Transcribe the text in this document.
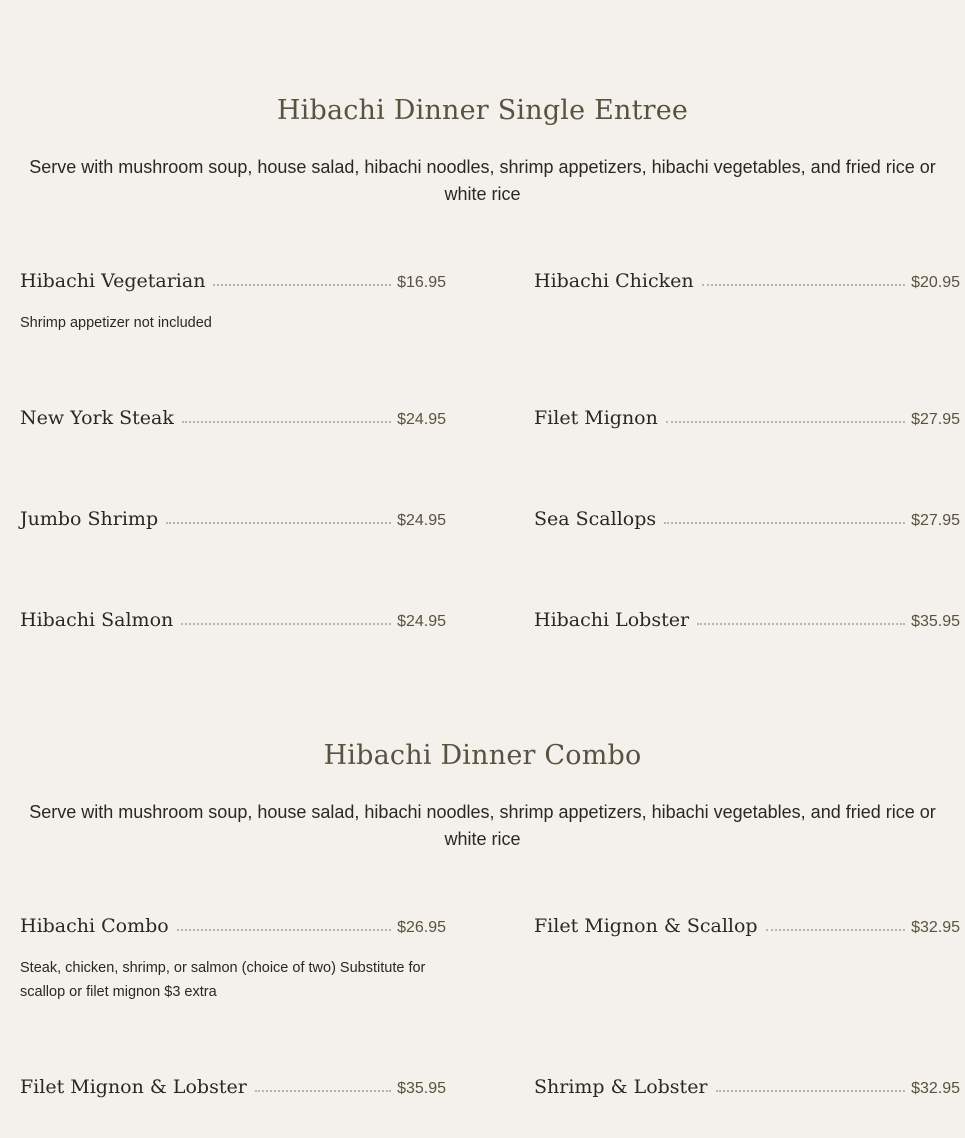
Hibachi Dinner Single Entree

Serve with mushroom soup, house salad, hibachi noodles, shrimp appetizers, hibachi vegetables, and fried rice or white rice

Hibachi Vegetarian	$16.95

Shrimp appetizer not included

Hibachi Chicken	$20.95
New York Steak	$24.95	Filet Mignon	$27.95
Jumbo Shrimp	$24.95	Sea Scallops	$27.95
Hibachi Salmon	$24.95	Hibachi Lobster	$35.95
Hibachi Dinner Combo

Serve with mushroom soup, house salad, hibachi noodles, shrimp appetizers, hibachi vegetables, and fried rice or white rice

Hibachi Combo	$26.95

Steak, chicken, shrimp, or salmon (choice of two) Substitute for scallop or filet mignon $3 extra

Filet Mignon & Scallop	$32.95
Filet Mignon & Lobster	$35.95	Shrimp & Lobster	$32.95
